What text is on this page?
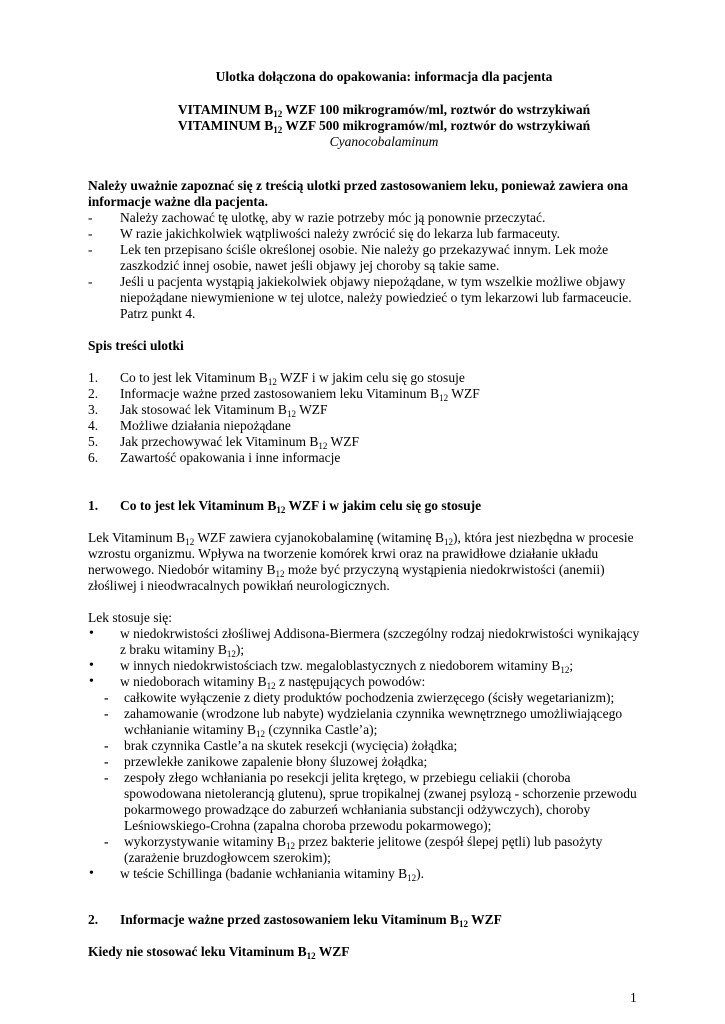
Ulotka dołączona do opakowania: informacja dla pacjenta
VITAMINUM $B_{12}$ WZF 100 mikrogramów/ml, roztwór do wstrzykiwań
VITAMINUM $B_{12}$ WZF 500 mikrogramów/ml, roztwór do wstrzykiwań
Cyanocobalaminum
Należy uważnie zapoznać się z treścią ulotki przed zastosowaniem leku, ponieważ zawiera ona
informacje ważne dla pacjenta.
- Należy zachować tę ulotkę, aby w razie potrzeby móc ją ponownie przeczytać.
- W razie jakichkolwiek wątpliwości należy zwrócić się do lekarza lub farmaceuty.
- Lek ten przepisano ściśle określonej osobie. Nie należy go przekazywać innym. Lek może
zaszkodzić innej osobie, nawet jeśli objawy jej choroby są takie same.
- Jeśli u pacjenta wystąpią jakiekolwiek objawy niepożądane, w tym wszelkie możliwe objawy
niepożądane niewymienione w tej ulotce, należy powiedzieć o tym lekarzowi lub farmaceucie.
Patrz punkt 4.
Spis treści ulotki
1. Co to jest lek Vitaminum $B_{12}$ WZF i w jakim celu się go stosuje
2. Informacje ważne przed zastosowaniem leku Vitaminum $B_{12}$ WZF
3. Jak stosować lek Vitaminum $B_{12}$ WZF
4. Możliwe działania niepożądane
5. Jak przechowywać lek Vitaminum $B_{12}$ WZF
6. Zawartość opakowania i inne informacje
1. Co to jest lek Vitaminum $B_{12}$ WZF i w jakim celu się go stosuje
Lek Vitaminum $B_{12}$ WZF zawiera cyjanokobalaminę (witaminę $B_{12}$), która jest niezbędna w procesie
wzrostu organizmu. Wpływa na tworzenie komórek krwi oraz na prawidłowe działanie układu
nerwowego. Niedobór witaminy $B_{12}$ może być przyczyną wystąpienia niedokrwistości (anemii)
złośliwej i nieodwracalnych powikłań neurologicznych.
Lek stosuje się:
• w niedokrwistości złośliwej Addisona-Biermera (szczególny rodzaj niedokrwistości wynikający
z braku witaminy $B_{12}$);
• w innych niedokrwistościach tzw. megaloblastycznych z niedoborem witaminy $B_{12}$;
• w niedoborach witaminy $B_{12}$ z następujących powodów:
- całkowite wyłączenie z diety produktów pochodzenia zwierzęcego (ścisły wegetarianizm);
- zahamowanie (wrodzone lub nabyte) wydzielania czynnika wewnętrznego umożliwiającego
wchłanianie witaminy $B_{12}$ (czynnika Castle’a);
- brak czynnika Castle’a na skutek resekcji (wycięcia) żołądka;
- przewlekłe zanikowe zapalenie błony śluzowej żołądka;
- zespoły złego wchłaniania po resekcji jelita krętego, w przebiegu celiakii (choroba
spowodowana nietolerancją glutenu), sprue tropikalnej (zwanej psylozą - schorzenie przewodu
pokarmowego prowadzące do zaburzeń wchłaniania substancji odżywczych), choroby
Leśniowskiego-Crohna (zapalna choroba przewodu pokarmowego);
- wykorzystywanie witaminy $B_{12}$ przez bakterie jelitowe (zespół ślepej pętli) lub pasożyty
(zarażenie bruzdogłowcem szerokim);
• w teście Schillinga (badanie wchłaniania witaminy $B_{12}$).
2. Informacje ważne przed zastosowaniem leku Vitaminum $B_{12}$ WZF
Kiedy nie stosować leku Vitaminum $B_{12}$ WZF
1
